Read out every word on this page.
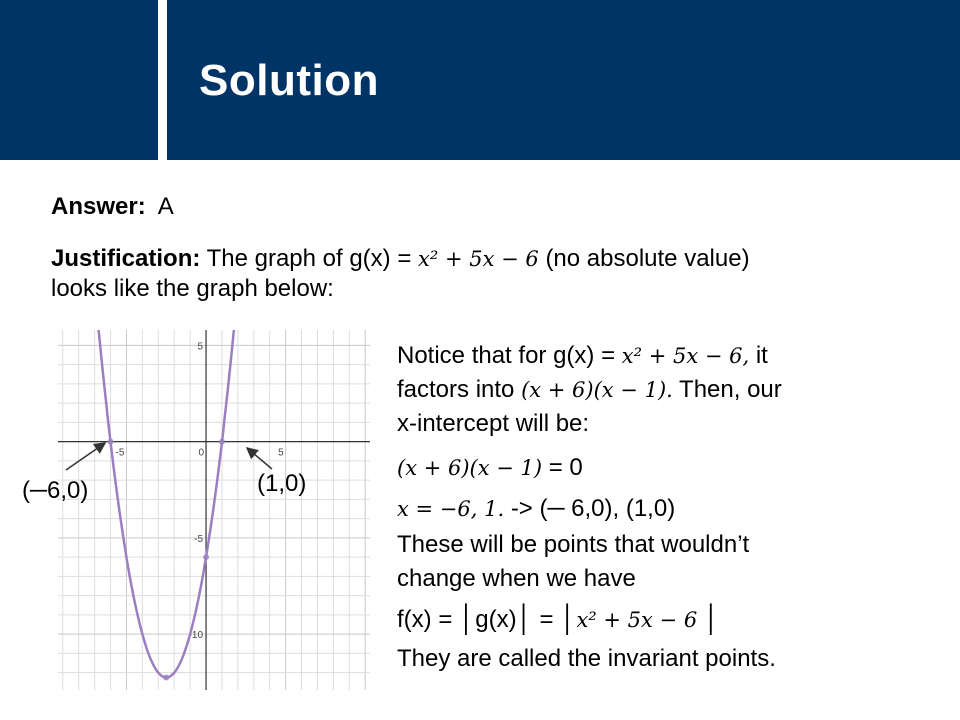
Solution
Answer: A
Justification: The graph of g(x) = x² + 5x − 6 (no absolute value)
looks like the graph below:
-5	0	5
5
-5
-10
(─6,0)	(1,0)
Notice that for g(x) = x² + 5x − 6, it
factors into (x + 6)(x − 1). Then, our
x-intercept will be:
(x + 6)(x − 1) = 0
x = −6, 1. -> (─ 6,0), (1,0)
These will be points that wouldn’t
change when we have
f(x) = │g(x)│ = │x² + 5x − 6 │
They are called the invariant points.
